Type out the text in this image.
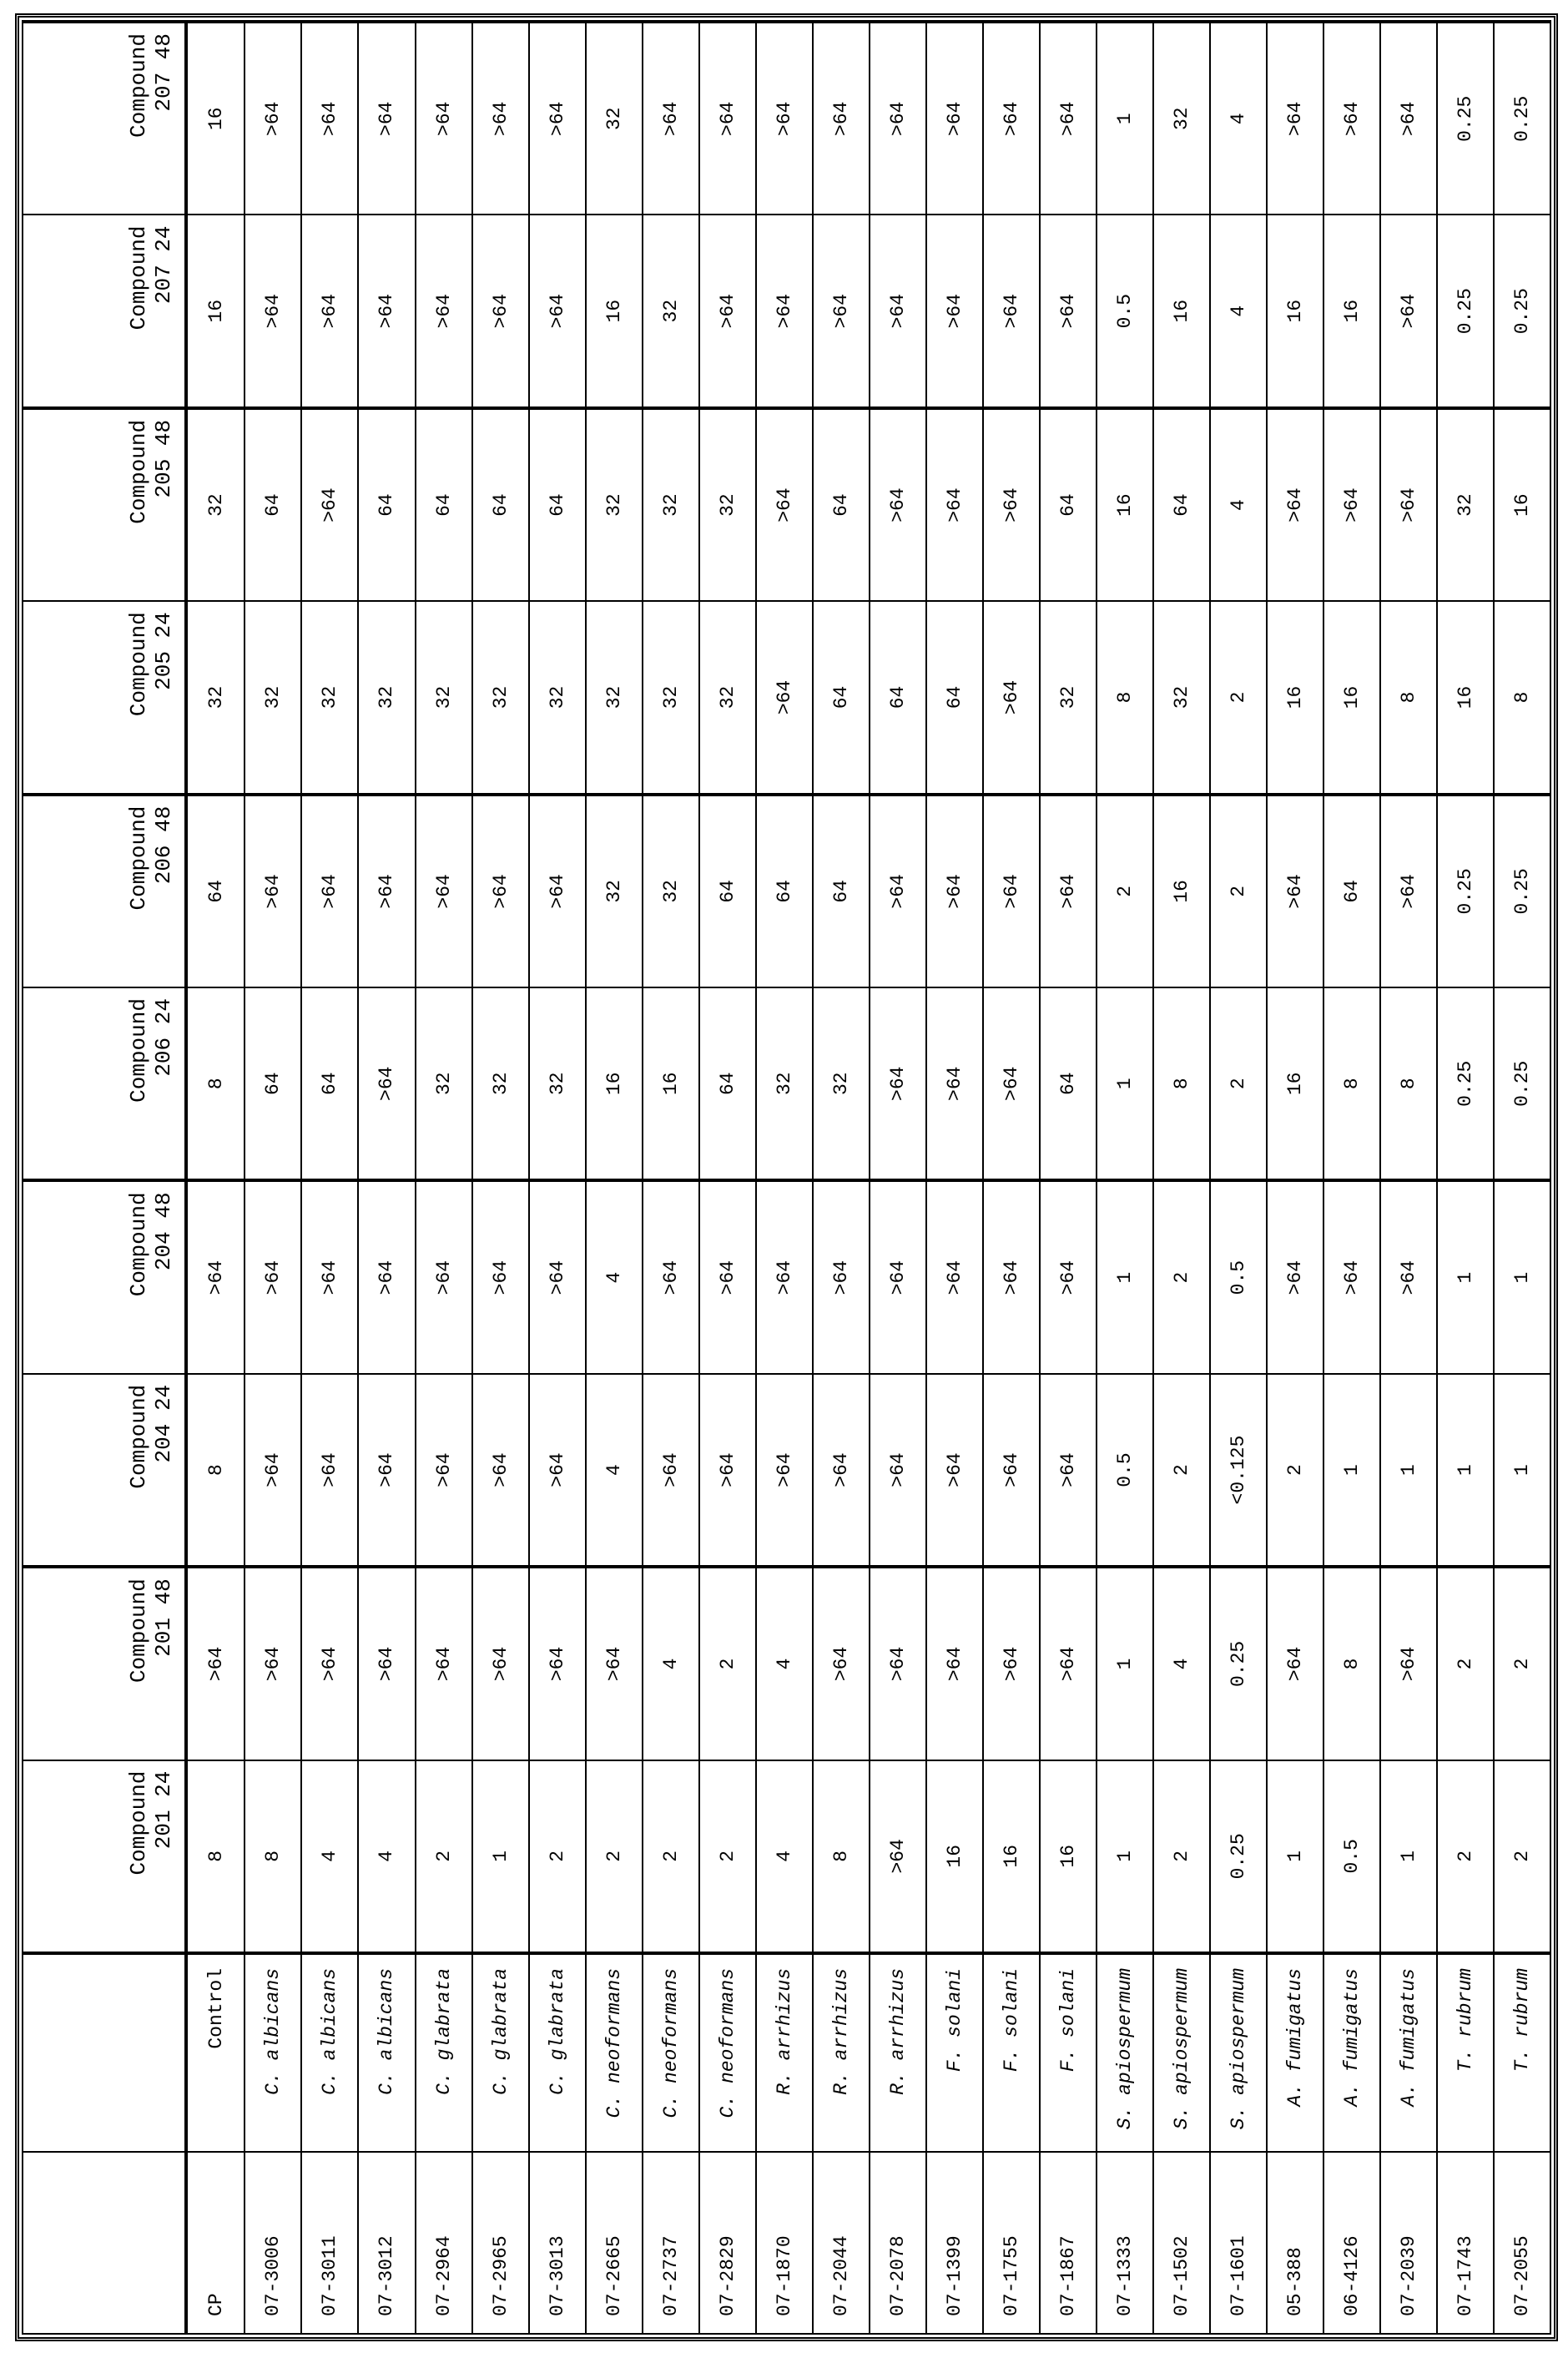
		Compound
201 24	Compound
201 48	Compound
204 24	Compound
204 48	Compound
206 24	Compound
206 48	Compound
205 24	Compound
205 48	Compound
207 24	Compound
207 48
CP	Control	8	>64	8	>64	8	64	32	32	16	16
07-3006	C. albicans	8	>64	>64	>64	64	>64	32	64	>64	>64
07-3011	C. albicans	4	>64	>64	>64	64	>64	32	>64	>64	>64
07-3012	C. albicans	4	>64	>64	>64	>64	>64	32	64	>64	>64
07-2964	C. glabrata	2	>64	>64	>64	32	>64	32	64	>64	>64
07-2965	C. glabrata	1	>64	>64	>64	32	>64	32	64	>64	>64
07-3013	C. glabrata	2	>64	>64	>64	32	>64	32	64	>64	>64
07-2665	C. neoformans	2	>64	4	4	16	32	32	32	16	32
07-2737	C. neoformans	2	4	>64	>64	16	32	32	32	32	>64
07-2829	C. neoformans	2	2	>64	>64	64	64	32	32	>64	>64
07-1870	R. arrhizus	4	4	>64	>64	32	64	>64	>64	>64	>64
07-2044	R. arrhizus	8	>64	>64	>64	32	64	64	64	>64	>64
07-2078	R. arrhizus	>64	>64	>64	>64	>64	>64	64	>64	>64	>64
07-1399	F. solani	16	>64	>64	>64	>64	>64	64	>64	>64	>64
07-1755	F. solani	16	>64	>64	>64	>64	>64	>64	>64	>64	>64
07-1867	F. solani	16	>64	>64	>64	64	>64	32	64	>64	>64
07-1333	S. apiospermum	1	1	0.5	1	1	2	8	16	0.5	1
07-1502	S. apiospermum	2	4	2	2	8	16	32	64	16	32
07-1601	S. apiospermum	0.25	0.25	<0.125	0.5	2	2	2	4	4	4
05-388	A. fumigatus	1	>64	2	>64	16	>64	16	>64	16	>64
06-4126	A. fumigatus	0.5	8	1	>64	8	64	16	>64	16	>64
07-2039	A. fumigatus	1	>64	1	>64	8	>64	8	>64	>64	>64
07-1743	T. rubrum	2	2	1	1	0.25	0.25	16	32	0.25	0.25
07-2055	T. rubrum	2	2	1	1	0.25	0.25	8	16	0.25	0.25
